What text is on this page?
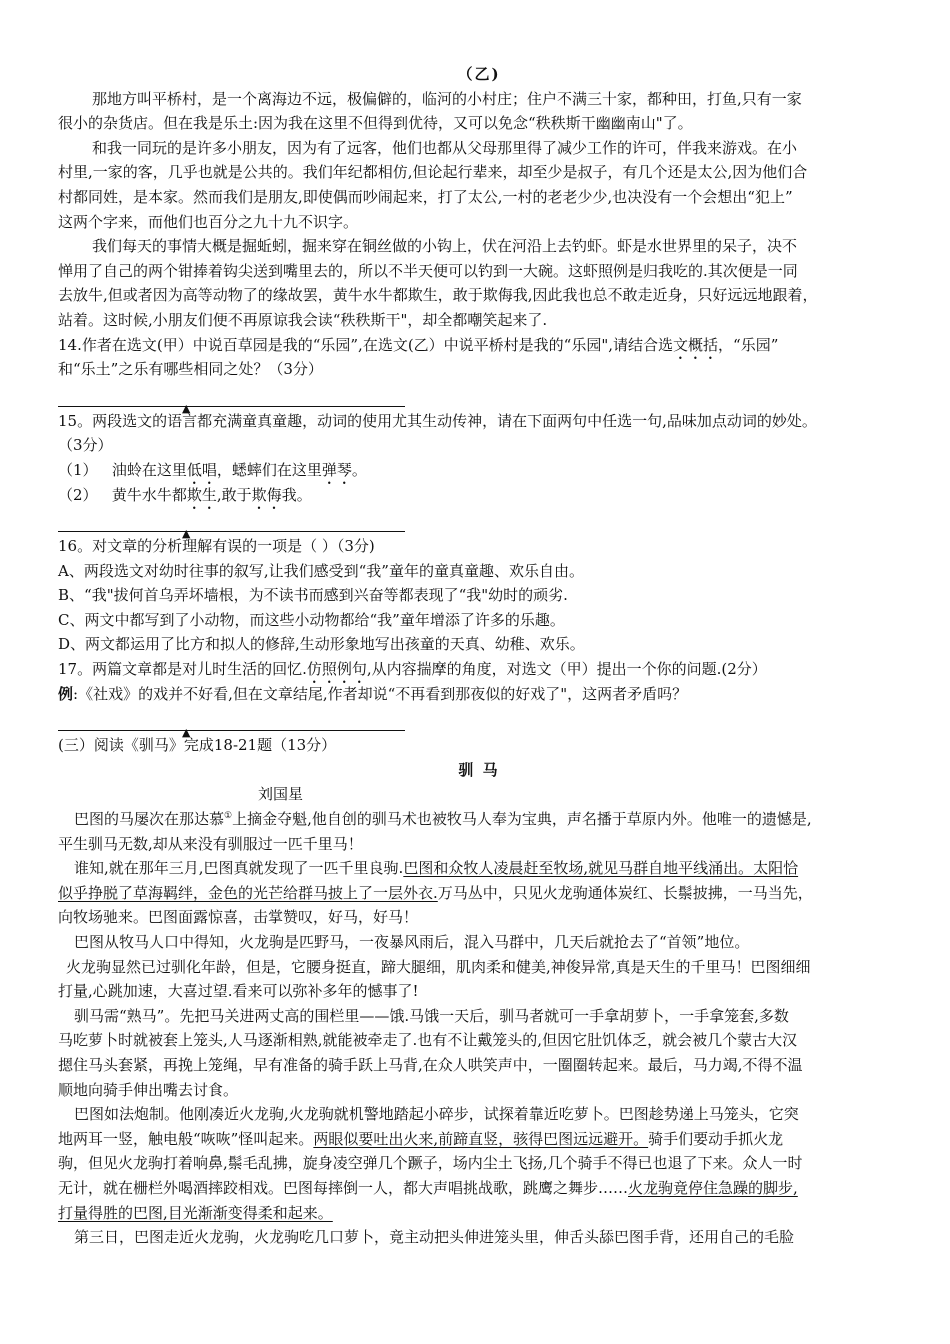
（乙)
那地方叫平桥村，是一个离海边不远，极偏僻的，临河的小村庄；住户不满三十家，都种田，打鱼,只有一家
很小的杂货店。但在我是乐土:因为我在这里不但得到优待，又可以免念“秩秩斯干幽幽南山"了。
和我一同玩的是许多小朋友，因为有了远客，他们也都从父母那里得了减少工作的许可，伴我来游戏。在小
村里,一家的客，几乎也就是公共的。我们年纪都相仿,但论起行辈来，却至少是叔子，有几个还是太公,因为他们合
村都同姓，是本家。然而我们是朋友,即使偶而吵闹起来，打了太公,一村的老老少少,也决没有一个会想出“犯上”
这两个字来，而他们也百分之九十九不识字。
我们每天的事情大概是掘蚯蚓，掘来穿在铜丝做的小钩上，伏在河沿上去钓虾。虾是水世界里的呆子，决不
惮用了自己的两个钳捧着钩尖送到嘴里去的，所以不半天便可以钓到一大碗。这虾照例是归我吃的.其次便是一同
去放牛,但或者因为高等动物了的缘故罢，黄牛水牛都欺生，敢于欺侮我,因此我也总不敢走近身，只好远远地跟着，
站着。这时候,小朋友们便不再原谅我会读“秩秩斯干"，却全都嘲笑起来了.
14.作者在选文(甲）中说百草园是我的“乐园”,在选文(乙）中说平桥村是我的“乐园",请结合选文概括，“乐园”
和“乐土”之乐有哪些相同之处？（3分）
▲
15。两段选文的语言都充满童真童趣，动词的使用尤其生动传神，请在下面两句中任选一句,品味加点动词的妙处。
（3分）
（1） 油蛉在这里低唱，蟋蟀们在这里弹琴。
（2） 黄牛水牛都欺生,敢于欺侮我。
▲
16。对文章的分析理解有误的一项是（ ）（3分)
A、两段选文对幼时往事的叙写,让我们感受到“我”童年的童真童趣、欢乐自由。
B、“我"拔何首乌弄坏墙根，为不读书而感到兴奋等都表现了“我"幼时的顽劣.
C、两文中都写到了小动物，而这些小动物都给“我”童年增添了许多的乐趣。
D、两文都运用了比方和拟人的修辞,生动形象地写出孩童的天真、幼稚、欢乐。
17。两篇文章都是对儿时生活的回忆.仿照例句,从内容揣摩的角度，对选文（甲）提出一个你的问题.(2分）
例:《社戏》的戏并不好看,但在文章结尾,作者却说“不再看到那夜似的好戏了"，这两者矛盾吗？
▲
(三）阅读《驯马》完成18-21题（13分）
驯 马
刘国星
巴图的马屡次在那达慕①上摘金夺魁,他自创的驯马术也被牧马人奉为宝典，声名播于草原内外。他唯一的遗憾是,
平生驯马无数,却从来没有驯服过一匹千里马！
谁知,就在那年三月,巴图真就发现了一匹千里良驹.巴图和众牧人凌晨赶至牧场,就见马群自地平线涌出。太阳恰
似乎挣脱了草海羁绊，金色的光芒给群马披上了一层外衣.万马丛中，只见火龙驹通体炭红、长鬃披拂，一马当先，
向牧场驰来。巴图面露惊喜，击掌赞叹，好马，好马！
巴图从牧马人口中得知，火龙驹是匹野马，一夜暴风雨后，混入马群中，几天后就抢去了“首领”地位。
火龙驹显然已过驯化年龄，但是，它腰身挺直，蹄大腿细，肌肉柔和健美,神俊异常,真是天生的千里马！巴图细细
打量,心跳加速，大喜过望.看来可以弥补多年的憾事了!
驯马需“熟马”。先把马关进两丈高的围栏里——饿.马饿一天后，驯马者就可一手拿胡萝卜，一手拿笼套,多数
马吃萝卜时就被套上笼头,人马逐渐相熟,就能被牵走了.也有不让戴笼头的,但因它肚饥体乏，就会被几个蒙古大汉
摁住马头套紧，再挽上笼绳，早有准备的骑手跃上马背,在众人哄笑声中，一圈圈转起来。最后，马力竭,不得不温
顺地向骑手伸出嘴去讨食。
巴图如法炮制。他刚凑近火龙驹,火龙驹就机警地踏起小碎步，试探着靠近吃萝卜。巴图趁势递上马笼头，它突
地两耳一竖，触电般“咴咴”怪叫起来。两眼似要吐出火来,前蹄直竖，骇得巴图远远避开。骑手们要动手抓火龙
驹，但见火龙驹打着响鼻,鬃毛乱拂，旋身凌空弹几个蹶子，场内尘土飞扬,几个骑手不得已也退了下来。众人一时
无计，就在栅栏外喝酒摔跤相戏。巴图每摔倒一人，都大声唱挑战歌，跳鹰之舞步……火龙驹竟停住急躁的脚步,
打量得胜的巴图,目光渐渐变得柔和起来。
第三日，巴图走近火龙驹，火龙驹吃几口萝卜，竟主动把头伸进笼头里，伸舌头舔巴图手背，还用自己的毛脸
